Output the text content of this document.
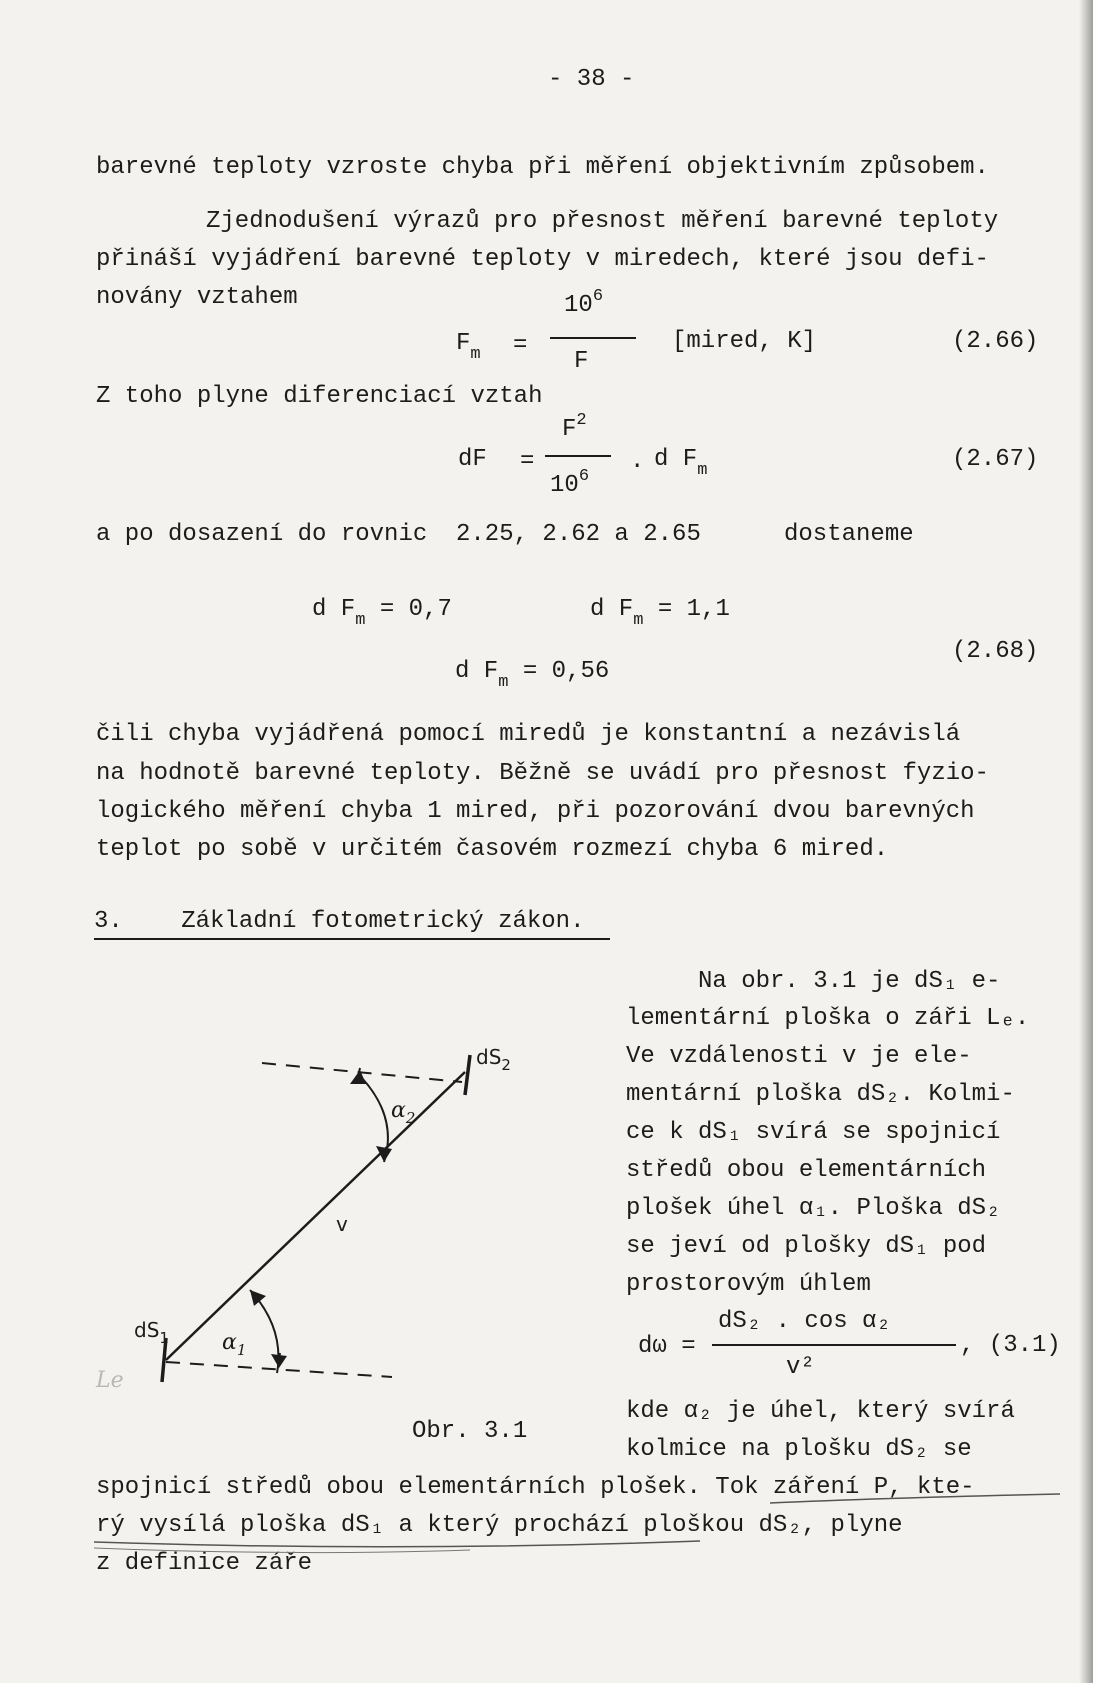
- 38 -
barevné teploty vzroste chyba při měření objektivním způsobem.
Zjednodušení výrazů pro přesnost měření barevné teploty
přináší vyjádření barevné teploty v miredech, které jsou defi-
novány vztahem
$F_m$ =
$10^6$
F
[mired, K]	(2.66)
Z toho plyne diferenciací vztah
dF =
$F^2$
$10^6$
. d $F_m$	(2.67)
a po dosazení do rovnic 2.25, 2.62 a 2.65	dostaneme
d $F_m = 0,7$	d $F_m = 1,1$
d $F_m = 0,56$
(2.68)
čili chyba vyjádřená pomocí miredů je konstantní a nezávislá
na hodnotě barevné teploty. Běžně se uvádí pro přesnost fyzio-
logického měření chyba 1 mired, při pozorování dvou barevných
teplot po sobě v určitém časovém rozmezí chyba 6 mired.
3. Základní fotometrický zákon.
$dS_1$
$dS_2$
$\alpha_1$
$\alpha_2$
v
Le
Obr. 3.1
Na obr. 3.1 je dS₁ e-
lementární ploška o záři Lₑ.
Ve vzdálenosti v je ele-
mentární ploška dS₂. Kolmi-
ce k dS₁ svírá se spojnicí
středů obou elementárních
plošek úhel α₁. Ploška dS₂
se jeví od plošky dS₁ pod
prostorovým úhlem
dω =
dS₂ . cos α₂
v²
, (3.1)
kde α₂ je úhel, který svírá
kolmice na plošku dS₂ se
spojnicí středů obou elementárních plošek. Tok záření P, kte-
rý vysílá ploška dS₁ a který prochází ploškou dS₂, plyne
z definice záře
